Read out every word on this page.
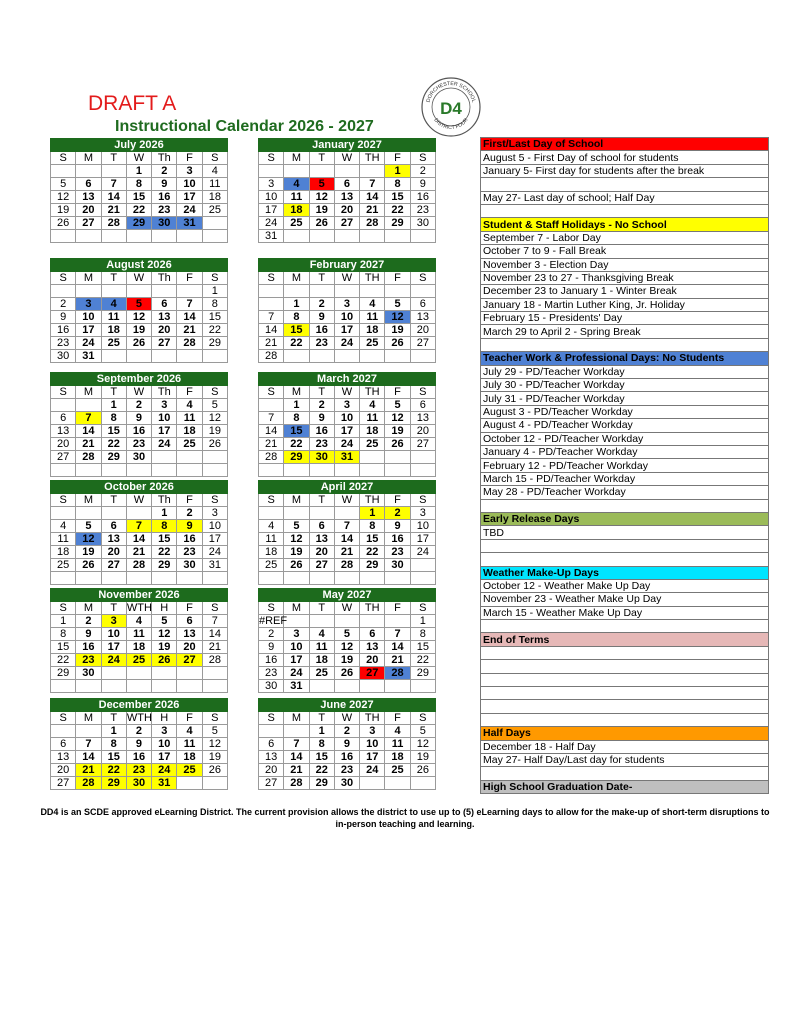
DRAFT A
Instructional Calendar 2026 - 2027
DORCHESTER SCHOOL
DISTRICT FOUR
D4
July 2026						
S	M	T	W	Th	F	S
			1	2	3	4
5	6	7	8	9	10	11
12	13	14	15	16	17	18
19	20	21	22	23	24	25
26	27	28	29	30	31	

January 2027						
S	M	T	W	TH	F	S
					1	2
3	4	5	6	7	8	9
10	11	12	13	14	15	16
17	18	19	20	21	22	23
24	25	26	27	28	29	30
31						
August 2026						
S	M	T	W	Th	F	S
						1
2	3	4	5	6	7	8
9	10	11	12	13	14	15
16	17	18	19	20	21	22
23	24	25	26	27	28	29
30	31					
February 2027						
S	M	T	W	TH	F	S

	1	2	3	4	5	6
7	8	9	10	11	12	13
14	15	16	17	18	19	20
21	22	23	24	25	26	27
28						
September 2026						
S	M	T	W	Th	F	S
		1	2	3	4	5
6	7	8	9	10	11	12
13	14	15	16	17	18	19
20	21	22	23	24	25	26
27	28	29	30			

March 2027						
S	M	T	W	TH	F	S
	1	2	3	4	5	6
7	8	9	10	11	12	13
14	15	16	17	18	19	20
21	22	23	24	25	26	27
28	29	30	31			

October 2026						
S	M	T	W	Th	F	S
				1	2	3
4	5	6	7	8	9	10
11	12	13	14	15	16	17
18	19	20	21	22	23	24
25	26	27	28	29	30	31

April 2027						
S	M	T	W	TH	F	S
				1	2	3
4	5	6	7	8	9	10
11	12	13	14	15	16	17
18	19	20	21	22	23	24
25	26	27	28	29	30	

November 2026						
S	M	T	WTH	H	F	S
1	2	3	4	5	6	7
8	9	10	11	12	13	14
15	16	17	18	19	20	21
22	23	24	25	26	27	28
29	30					

May 2027						
S	M	T	W	TH	F	S
#REF						1
2	3	4	5	6	7	8
9	10	11	12	13	14	15
16	17	18	19	20	21	22
23	24	25	26	27	28	29
30	31					
December 2026						
S	M	T	WTH	H	F	S
		1	2	3	4	5
6	7	8	9	10	11	12
13	14	15	16	17	18	19
20	21	22	23	24	25	26
27	28	29	30	31		
June 2027						
S	M	T	W	TH	F	S
		1	2	3	4	5
6	7	8	9	10	11	12
13	14	15	16	17	18	19
20	21	22	23	24	25	26
27	28	29	30			
First/Last Day of School
August 5 - First Day of school for students
January 5- First day for students after the break

May 27- Last day of school; Half Day

Student & Staff Holidays - No School
September 7 - Labor Day
October 7 to 9 - Fall Break
November 3 - Election Day
November 23 to 27 - Thanksgiving Break
December 23 to January 1 - Winter Break
January 18 - Martin Luther King, Jr. Holiday
February 15 - Presidents' Day
March 29 to April 2 - Spring Break

Teacher Work & Professional Days: No Students
July 29 - PD/Teacher Workday
July 30 - PD/Teacher Workday
July 31 - PD/Teacher Workday
August 3 - PD/Teacher Workday
August 4 - PD/Teacher Workday
October 12 - PD/Teacher Workday
January 4 - PD/Teacher Workday
February 12 - PD/Teacher Workday
March 15 - PD/Teacher Workday
May 28 - PD/Teacher Workday

Early Release Days
TBD

Weather Make-Up Days
October 12 - Weather Make Up Day
November 23 - Weather Make Up Day
March 15 - Weather Make Up Day

End of Terms

Half Days
December 18 - Half Day
May 27- Half Day/Last day for students

High School Graduation Date-
DD4 is an SCDE approved eLearning District. The current provision allows the district to use up to (5) eLearning days to allow for the make-up of short-term disruptions to in-person teaching and learning.
